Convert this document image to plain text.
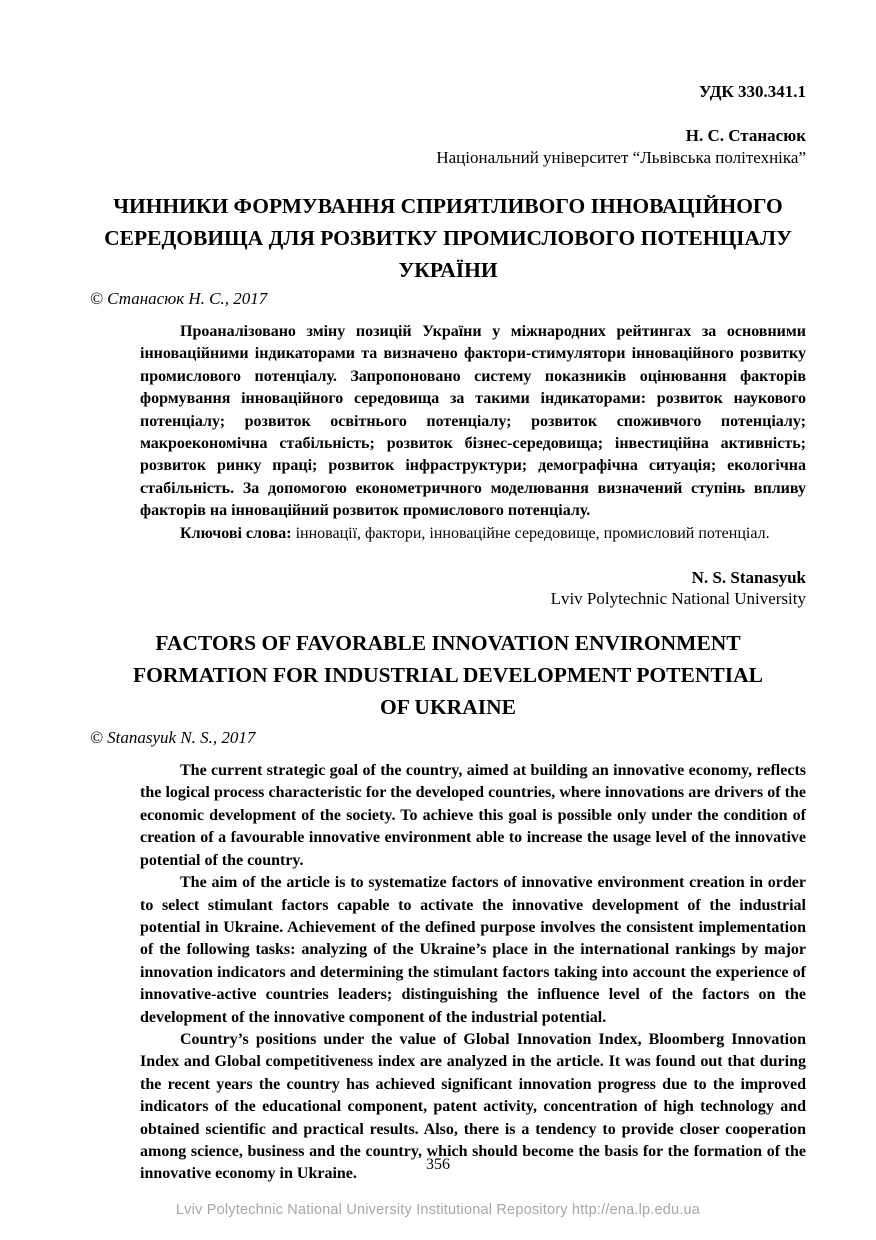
УДК 330.341.1
Н. С. Станасюк
Національний університет “Львівська політехніка”
ЧИННИКИ ФОРМУВАННЯ СПРИЯТЛИВОГО ІННОВАЦІЙНОГО
СЕРЕДОВИЩА ДЛЯ РОЗВИТКУ ПРОМИСЛОВОГО ПОТЕНЦІАЛУ
УКРАЇНИ
© Станасюк Н. С., 2017

Проаналізовано зміну позицій України у міжнародних рейтингах за основними інноваційними індикаторами та визначено фактори-стимулятори інноваційного розвитку промислового потенціалу. Запропоновано систему показників оцінювання факторів формування інноваційного середовища за такими індикаторами: розвиток наукового потенціалу; розвиток освітнього потенціалу; розвиток споживчого потенціалу; макроекономічна стабільність; розвиток бізнес-середовища; інвестиційна активність; розвиток ринку праці; розвиток інфраструктури; демографічна ситуація; екологічна стабільність. За допомогою економетричного моделювання визначений ступінь впливу факторів на інноваційний розвиток промислового потенціалу.

Ключові слова: інновації, фактори, інноваційне середовище, промисловий потенціал.
N. S. Stanasyuk
Lviv Polytechnic National University
FACTORS OF FAVORABLE INNOVATION ENVIRONMENT
FORMATION FOR INDUSTRIAL DEVELOPMENT POTENTIAL
OF UKRAINE
© Stanasyuk N. S., 2017

The current strategic goal of the country, aimed at building an innovative economy, reflects the logical process characteristic for the developed countries, where innovations are drivers of the economic development of the society. To achieve this goal is possible only under the condition of creation of a favourable innovative environment able to increase the usage level of the innovative potential of the country.

The aim of the article is to systematize factors of innovative environment creation in order to select stimulant factors capable to activate the innovative development of the industrial potential in Ukraine. Achievement of the defined purpose involves the consistent implementation of the following tasks: analyzing of the Ukraine’s place in the international rankings by major innovation indicators and determining the stimulant factors taking into account the experience of innovative-active countries leaders; distinguishing the influence level of the factors on the development of the innovative component of the industrial potential.

Country’s positions under the value of Global Innovation Index, Bloomberg Innovation Index and Global competitiveness index are analyzed in the article. It was found out that during the recent years the country has achieved significant innovation progress due to the improved indicators of the educational component, patent activity, concentration of high technology and obtained scientific and practical results. Also, there is a tendency to provide closer cooperation among science, business and the country, which should become the basis for the formation of the innovative economy in Ukraine.

356
Lviv Polytechnic National University Institutional Repository http://ena.lp.edu.ua
